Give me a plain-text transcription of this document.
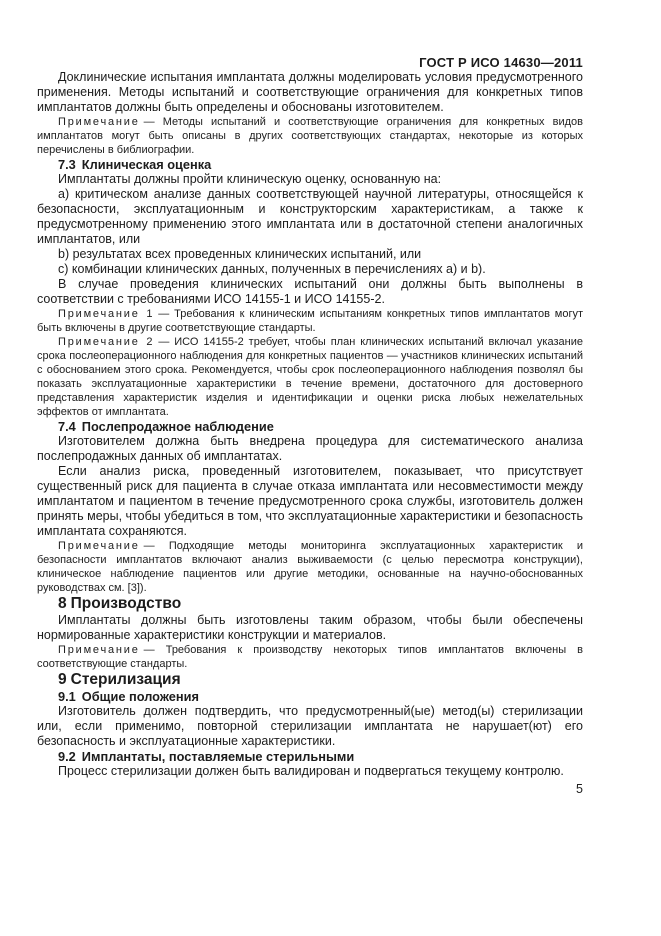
ГОСТ Р ИСО 14630—2011

Доклинические испытания имплантата должны моделировать условия предусмотренного применения. Методы испытаний и соответствующие ограничения для конкретных типов имплантатов должны быть определены и обоснованы изготовителем.

Примечание — Методы испытаний и соответствующие ограничения для конкретных видов имплантатов могут быть описаны в других соответствующих стандартах, некоторые из которых перечислены в библиографии.

7.3 Клиническая оценка

Имплантаты должны пройти клиническую оценку, основанную на:

a) критическом анализе данных соответствующей научной литературы, относящейся к безопасности, эксплуатационным и конструкторским характеристикам, а также к предусмотренному применению этого имплантата или в достаточной степени аналогичных имплантатов, или

b) результатах всех проведенных клинических испытаний, или

c) комбинации клинических данных, полученных в перечислениях a) и b).

В случае проведения клинических испытаний они должны быть выполнены в соответствии с требованиями ИСО 14155-1 и ИСО 14155-2.

Примечание 1 — Требования к клиническим испытаниям конкретных типов имплантатов могут быть включены в другие соответствующие стандарты.

Примечание 2 — ИСО 14155-2 требует, чтобы план клинических испытаний включал указание срока послеоперационного наблюдения для конкретных пациентов — участников клинических испытаний с обоснованием этого срока. Рекомендуется, чтобы срок послеоперационного наблюдения позволял бы показать эксплуатационные характеристики в течение времени, достаточного для достоверного представления характеристик изделия и идентификации и оценки риска любых нежелательных эффектов от имплантата.

7.4 Послепродажное наблюдение

Изготовителем должна быть внедрена процедура для систематического анализа послепродажных данных об имплантатах.

Если анализ риска, проведенный изготовителем, показывает, что присутствует существенный риск для пациента в случае отказа имплантата или несовместимости между имплантатом и пациентом в течение предусмотренного срока службы, изготовитель должен принять меры, чтобы убедиться в том, что эксплуатационные характеристики и безопасность имплантата сохраняются.

Примечание — Подходящие методы мониторинга эксплуатационных характеристик и безопасности имплантатов включают анализ выживаемости (с целью пересмотра конструкции), клиническое наблюдение пациентов или другие методики, основанные на научно-обоснованных руководствах см. [3]).

8 Производство

Имплантаты должны быть изготовлены таким образом, чтобы были обеспечены нормированные характеристики конструкции и материалов.

Примечание — Требования к производству некоторых типов имплантатов включены в соответствующие стандарты.

9 Стерилизация

9.1 Общие положения

Изготовитель должен подтвердить, что предусмотренный(ые) метод(ы) стерилизации или, если применимо, повторной стерилизации имплантата не нарушает(ют) его безопасность и эксплуатационные характеристики.

9.2 Имплантаты, поставляемые стерильными

Процесс стерилизации должен быть валидирован и подвергаться текущему контролю.

5
